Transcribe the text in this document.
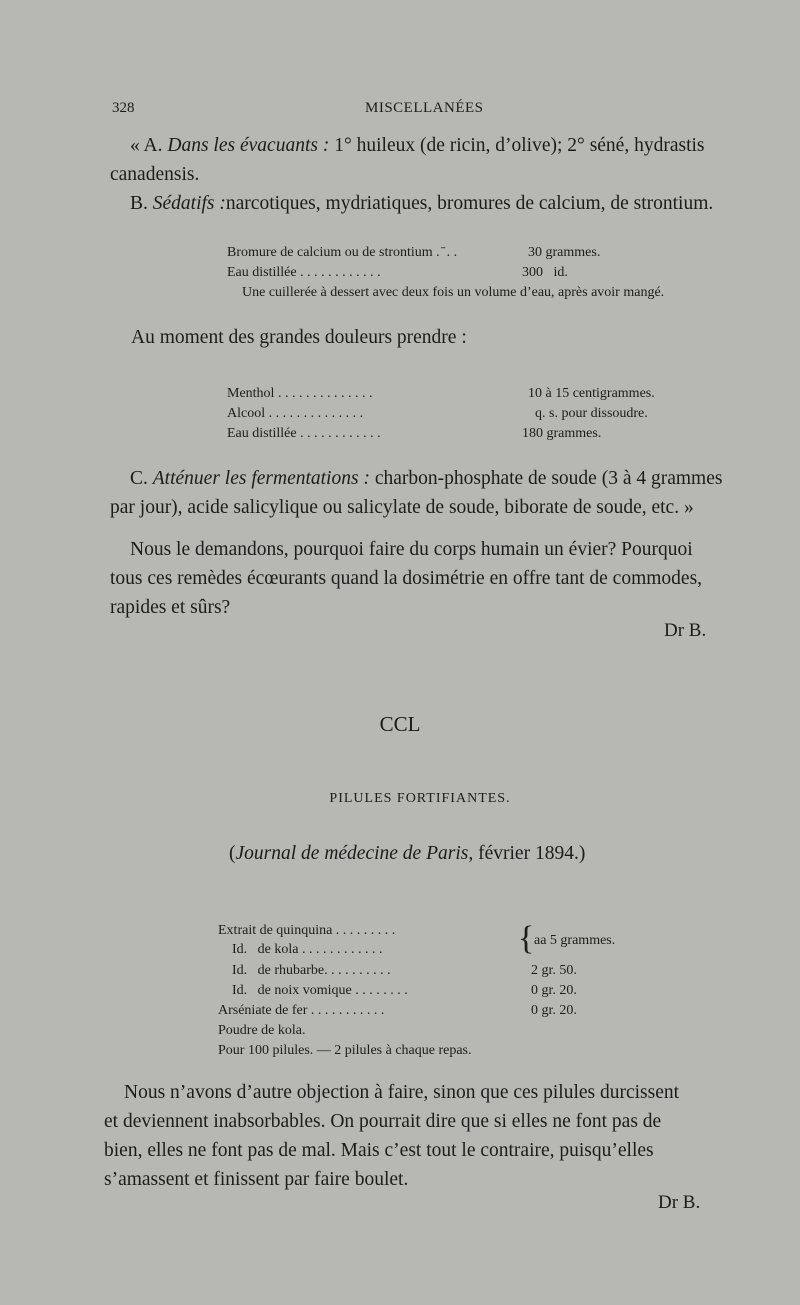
328	MISCELLANÉES
« A. Dans les évacuants : 1° huileux (de ricin, d’olive); 2° séné, hydrastis
canadensis.
B. Sédatifs :narcotiques, mydriatiques, bromures de calcium, de strontium.
Bromure de calcium ou de strontium . ̄ . .	30 grammes.
Eau distillée . . . . . . . . . . . .	300   id.
Une cuillerée à dessert avec deux fois un volume d’eau, après avoir mangé.
Au moment des grandes douleurs prendre :
Menthol . . . . . . . . . . . . . .	10 à 15 centigrammes.
Alcool . . . . . . . . . . . . . .	q. s. pour dissoudre.
Eau distillée . . . . . . . . . . . .	180 grammes.
C. Atténuer les fermentations : charbon-phosphate de soude (3 à 4 grammes
par jour), acide salicylique ou salicylate de soude, biborate de soude, etc. »
Nous le demandons, pourquoi faire du corps humain un évier? Pourquoi
tous ces remèdes écœurants quand la dosimétrie en offre tant de commodes,
rapides et sûrs?
Dr B.
CCL
PILULES FORTIFIANTES.
(Journal de médecine de Paris, février 1894.)
Extrait de quinquina . . . . . . . . .
Id.   de kola . . . . . . . . . . . .	{ aa 5 grammes.
Id.   de rhubarbe. . . . . . . . . .	2 gr. 50.
Id.   de noix vomique . . . . . . . .	0 gr. 20.
Arséniate de fer . . . . . . . . . . .	0 gr. 20.
Poudre de kola.
Pour 100 pilules. — 2 pilules à chaque repas.
Nous n’avons d’autre objection à faire, sinon que ces pilules durcissent
et deviennent inabsorbables. On pourrait dire que si elles ne font pas de
bien, elles ne font pas de mal. Mais c’est tout le contraire, puisqu’elles
s’amassent et finissent par faire boulet.
Dr B.
